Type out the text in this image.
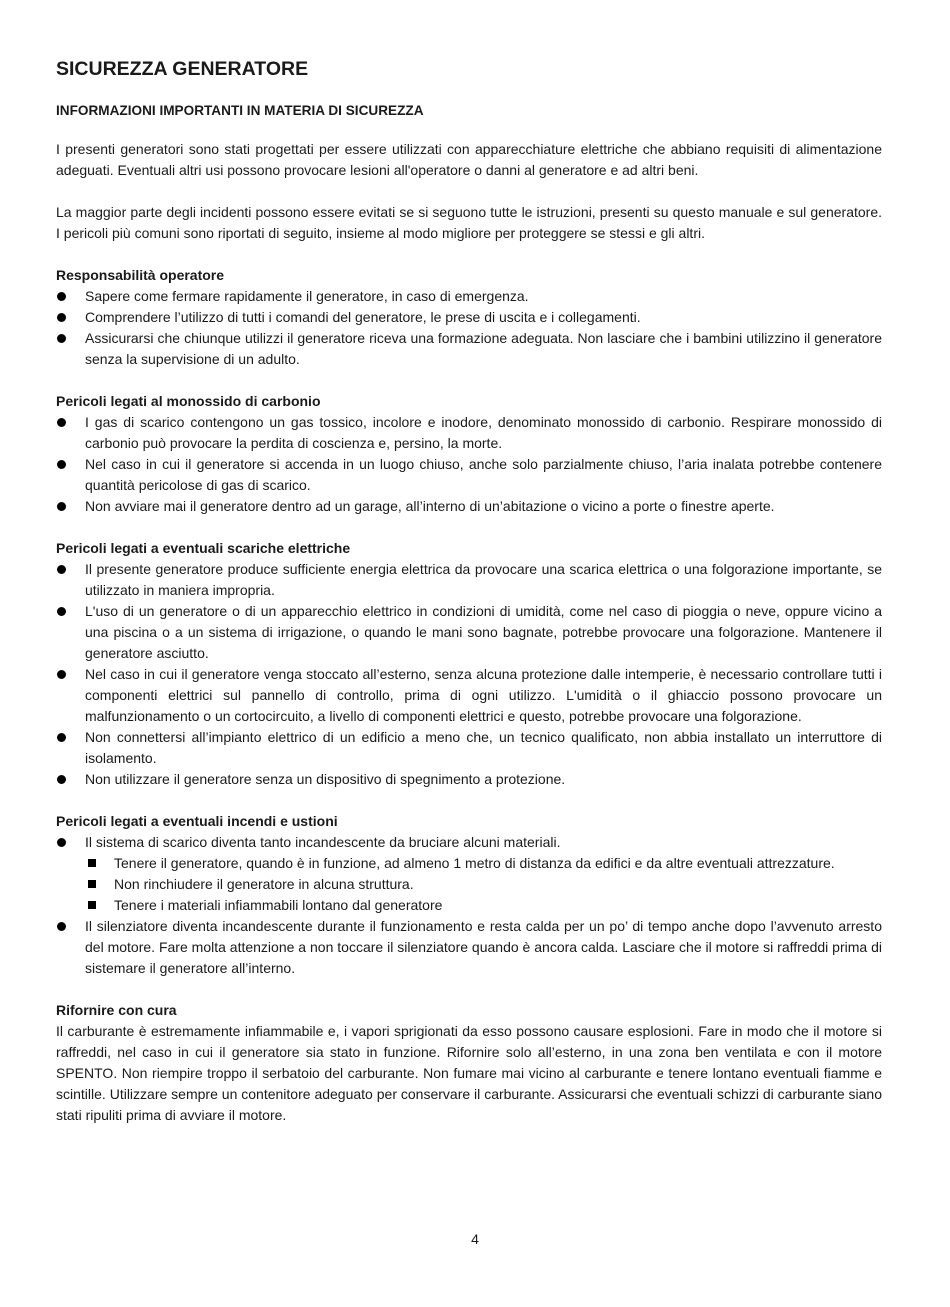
SICUREZZA GENERATORE
INFORMAZIONI IMPORTANTI IN MATERIA DI SICUREZZA

I presenti generatori sono stati progettati per essere utilizzati con apparecchiature elettriche che abbiano requisiti di alimentazione adeguati. Eventuali altri usi possono provocare lesioni all'operatore o danni al generatore e ad altri beni.

La maggior parte degli incidenti possono essere evitati se si seguono tutte le istruzioni, presenti su questo manuale e sul generatore. I pericoli più comuni sono riportati di seguito, insieme al modo migliore per proteggere se stessi e gli altri.

Responsabilità operatore
Sapere come fermare rapidamente il generatore, in caso di emergenza.
Comprendere l’utilizzo di tutti i comandi del generatore, le prese di uscita e i collegamenti.
Assicurarsi che chiunque utilizzi il generatore riceva una formazione adeguata. Non lasciare che i bambini utilizzino il generatore senza la supervisione di un adulto.
Pericoli legati al monossido di carbonio
I gas di scarico contengono un gas tossico, incolore e inodore, denominato monossido di carbonio. Respirare monossido di carbonio può provocare la perdita di coscienza e, persino, la morte.
Nel caso in cui il generatore si accenda in un luogo chiuso, anche solo parzialmente chiuso, l’aria inalata potrebbe contenere quantità pericolose di gas di scarico.
Non avviare mai il generatore dentro ad un garage, all’interno di un’abitazione o vicino a porte o finestre aperte.
Pericoli legati a eventuali scariche elettriche
Il presente generatore produce sufficiente energia elettrica da provocare una scarica elettrica o una folgorazione importante, se utilizzato in maniera impropria.
L'uso di un generatore o di un apparecchio elettrico in condizioni di umidità, come nel caso di pioggia o neve, oppure vicino a una piscina o a un sistema di irrigazione, o quando le mani sono bagnate, potrebbe provocare una folgorazione. Mantenere il generatore asciutto.
Nel caso in cui il generatore venga stoccato all’esterno, senza alcuna protezione dalle intemperie, è necessario controllare tutti i componenti elettrici sul pannello di controllo, prima di ogni utilizzo. L'umidità o il ghiaccio possono provocare un malfunzionamento o un cortocircuito, a livello di componenti elettrici e questo, potrebbe provocare una folgorazione.
Non connettersi all’impianto elettrico di un edificio a meno che, un tecnico qualificato, non abbia installato un interruttore di isolamento.
Non utilizzare il generatore senza un dispositivo di spegnimento a protezione.
Pericoli legati a eventuali incendi e ustioni
Il sistema di scarico diventa tanto incandescente da bruciare alcuni materiali.
Tenere il generatore, quando è in funzione, ad almeno 1 metro di distanza da edifici e da altre eventuali attrezzature.
Non rinchiudere il generatore in alcuna struttura.
Tenere i materiali infiammabili lontano dal generatore
Il silenziatore diventa incandescente durante il funzionamento e resta calda per un po’ di tempo anche dopo l’avvenuto arresto del motore. Fare molta attenzione a non toccare il silenziatore quando è ancora calda. Lasciare che il motore si raffreddi prima di sistemare il generatore all’interno.
Rifornire con cura

Il carburante è estremamente infiammabile e, i vapori sprigionati da esso possono causare esplosioni. Fare in modo che il motore si raffreddi, nel caso in cui il generatore sia stato in funzione. Rifornire solo all’esterno, in una zona ben ventilata e con il motore SPENTO. Non riempire troppo il serbatoio del carburante. Non fumare mai vicino al carburante e tenere lontano eventuali fiamme e scintille. Utilizzare sempre un contenitore adeguato per conservare il carburante. Assicurarsi che eventuali schizzi di carburante siano stati ripuliti prima di avviare il motore.

4
